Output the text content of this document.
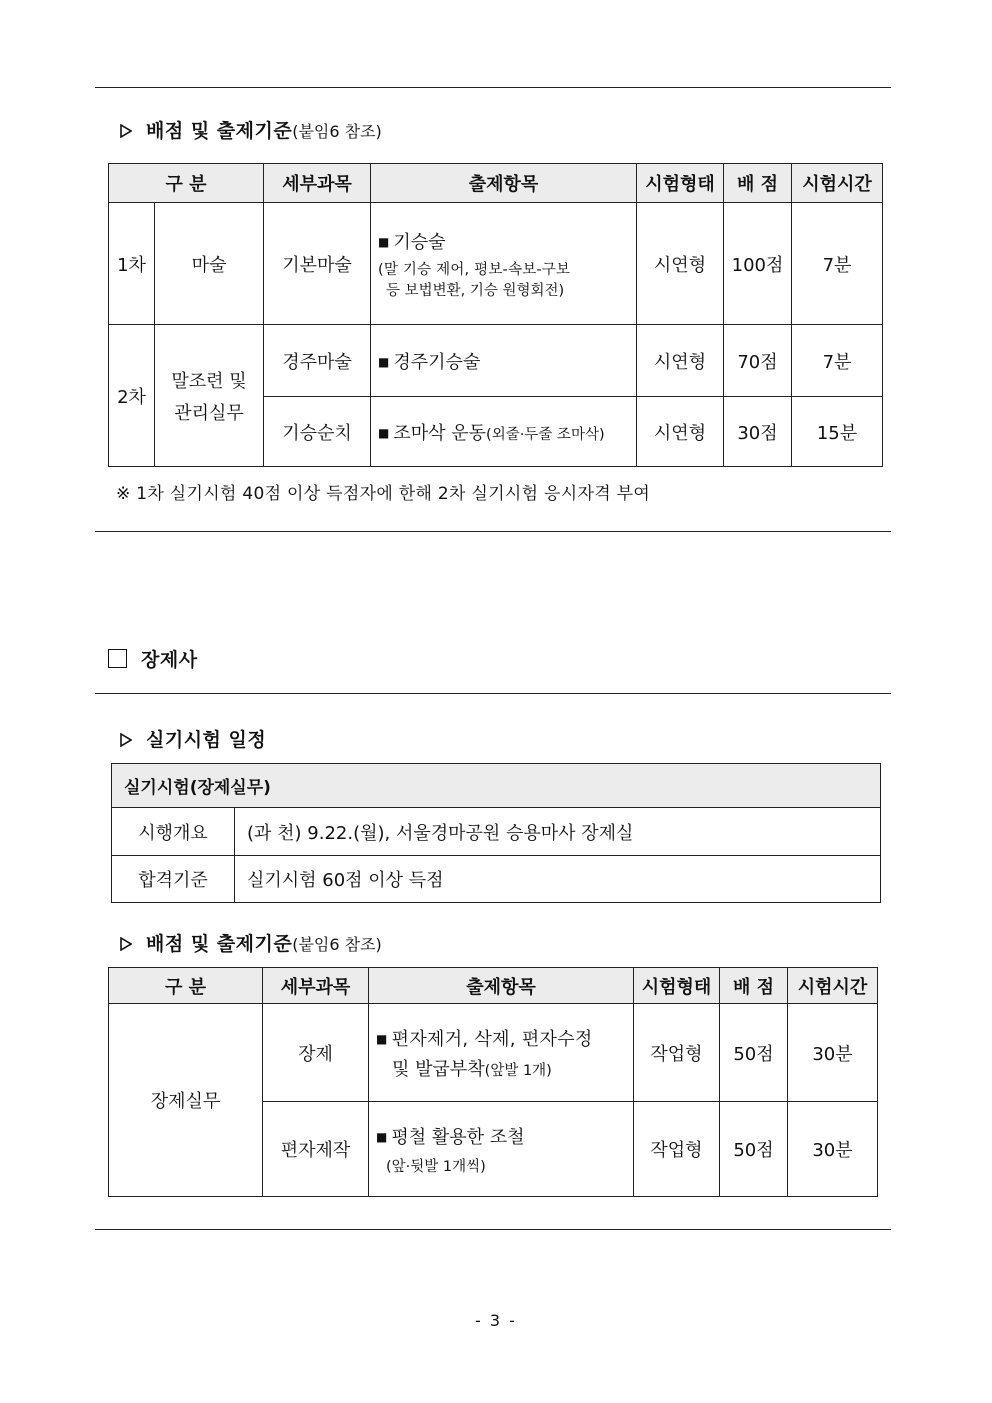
배점 및 출제기준(붙임6 참조)
구 분		세부과목	출제항목	시험형태	배 점	시험시간
1차	마술	기본마술	■ 기승술
(말 기승 제어, 평보-속보-구보
등 보법변환, 기승 원형회전)	시연형	100점	7분
2차	말조련 및
관리실무	경주마술	■ 경주기승술	시연형	70점	7분
		기승순치	■ 조마삭 운동(외줄·두줄 조마삭)	시연형	30점	15분
※ 1차 실기시험 40점 이상 득점자에 한해 2차 실기시험 응시자격 부여
장제사
실기시험 일정
실기시험(장제실무)	
시행개요	(과 천) 9.22.(월), 서울경마공원 승용마사 장제실
합격기준	실기시험 60점 이상 득점
배점 및 출제기준(붙임6 참조)
구 분	세부과목	출제항목	시험형태	배 점	시험시간
장제실무	장제	■ 편자제거, 삭제, 편자수정
및 발굽부착(앞발 1개)	작업형	50점	30분
	편자제작	■ 평철 활용한 조철
(앞·뒷발 1개씩)	작업형	50점	30분
- 3 -
